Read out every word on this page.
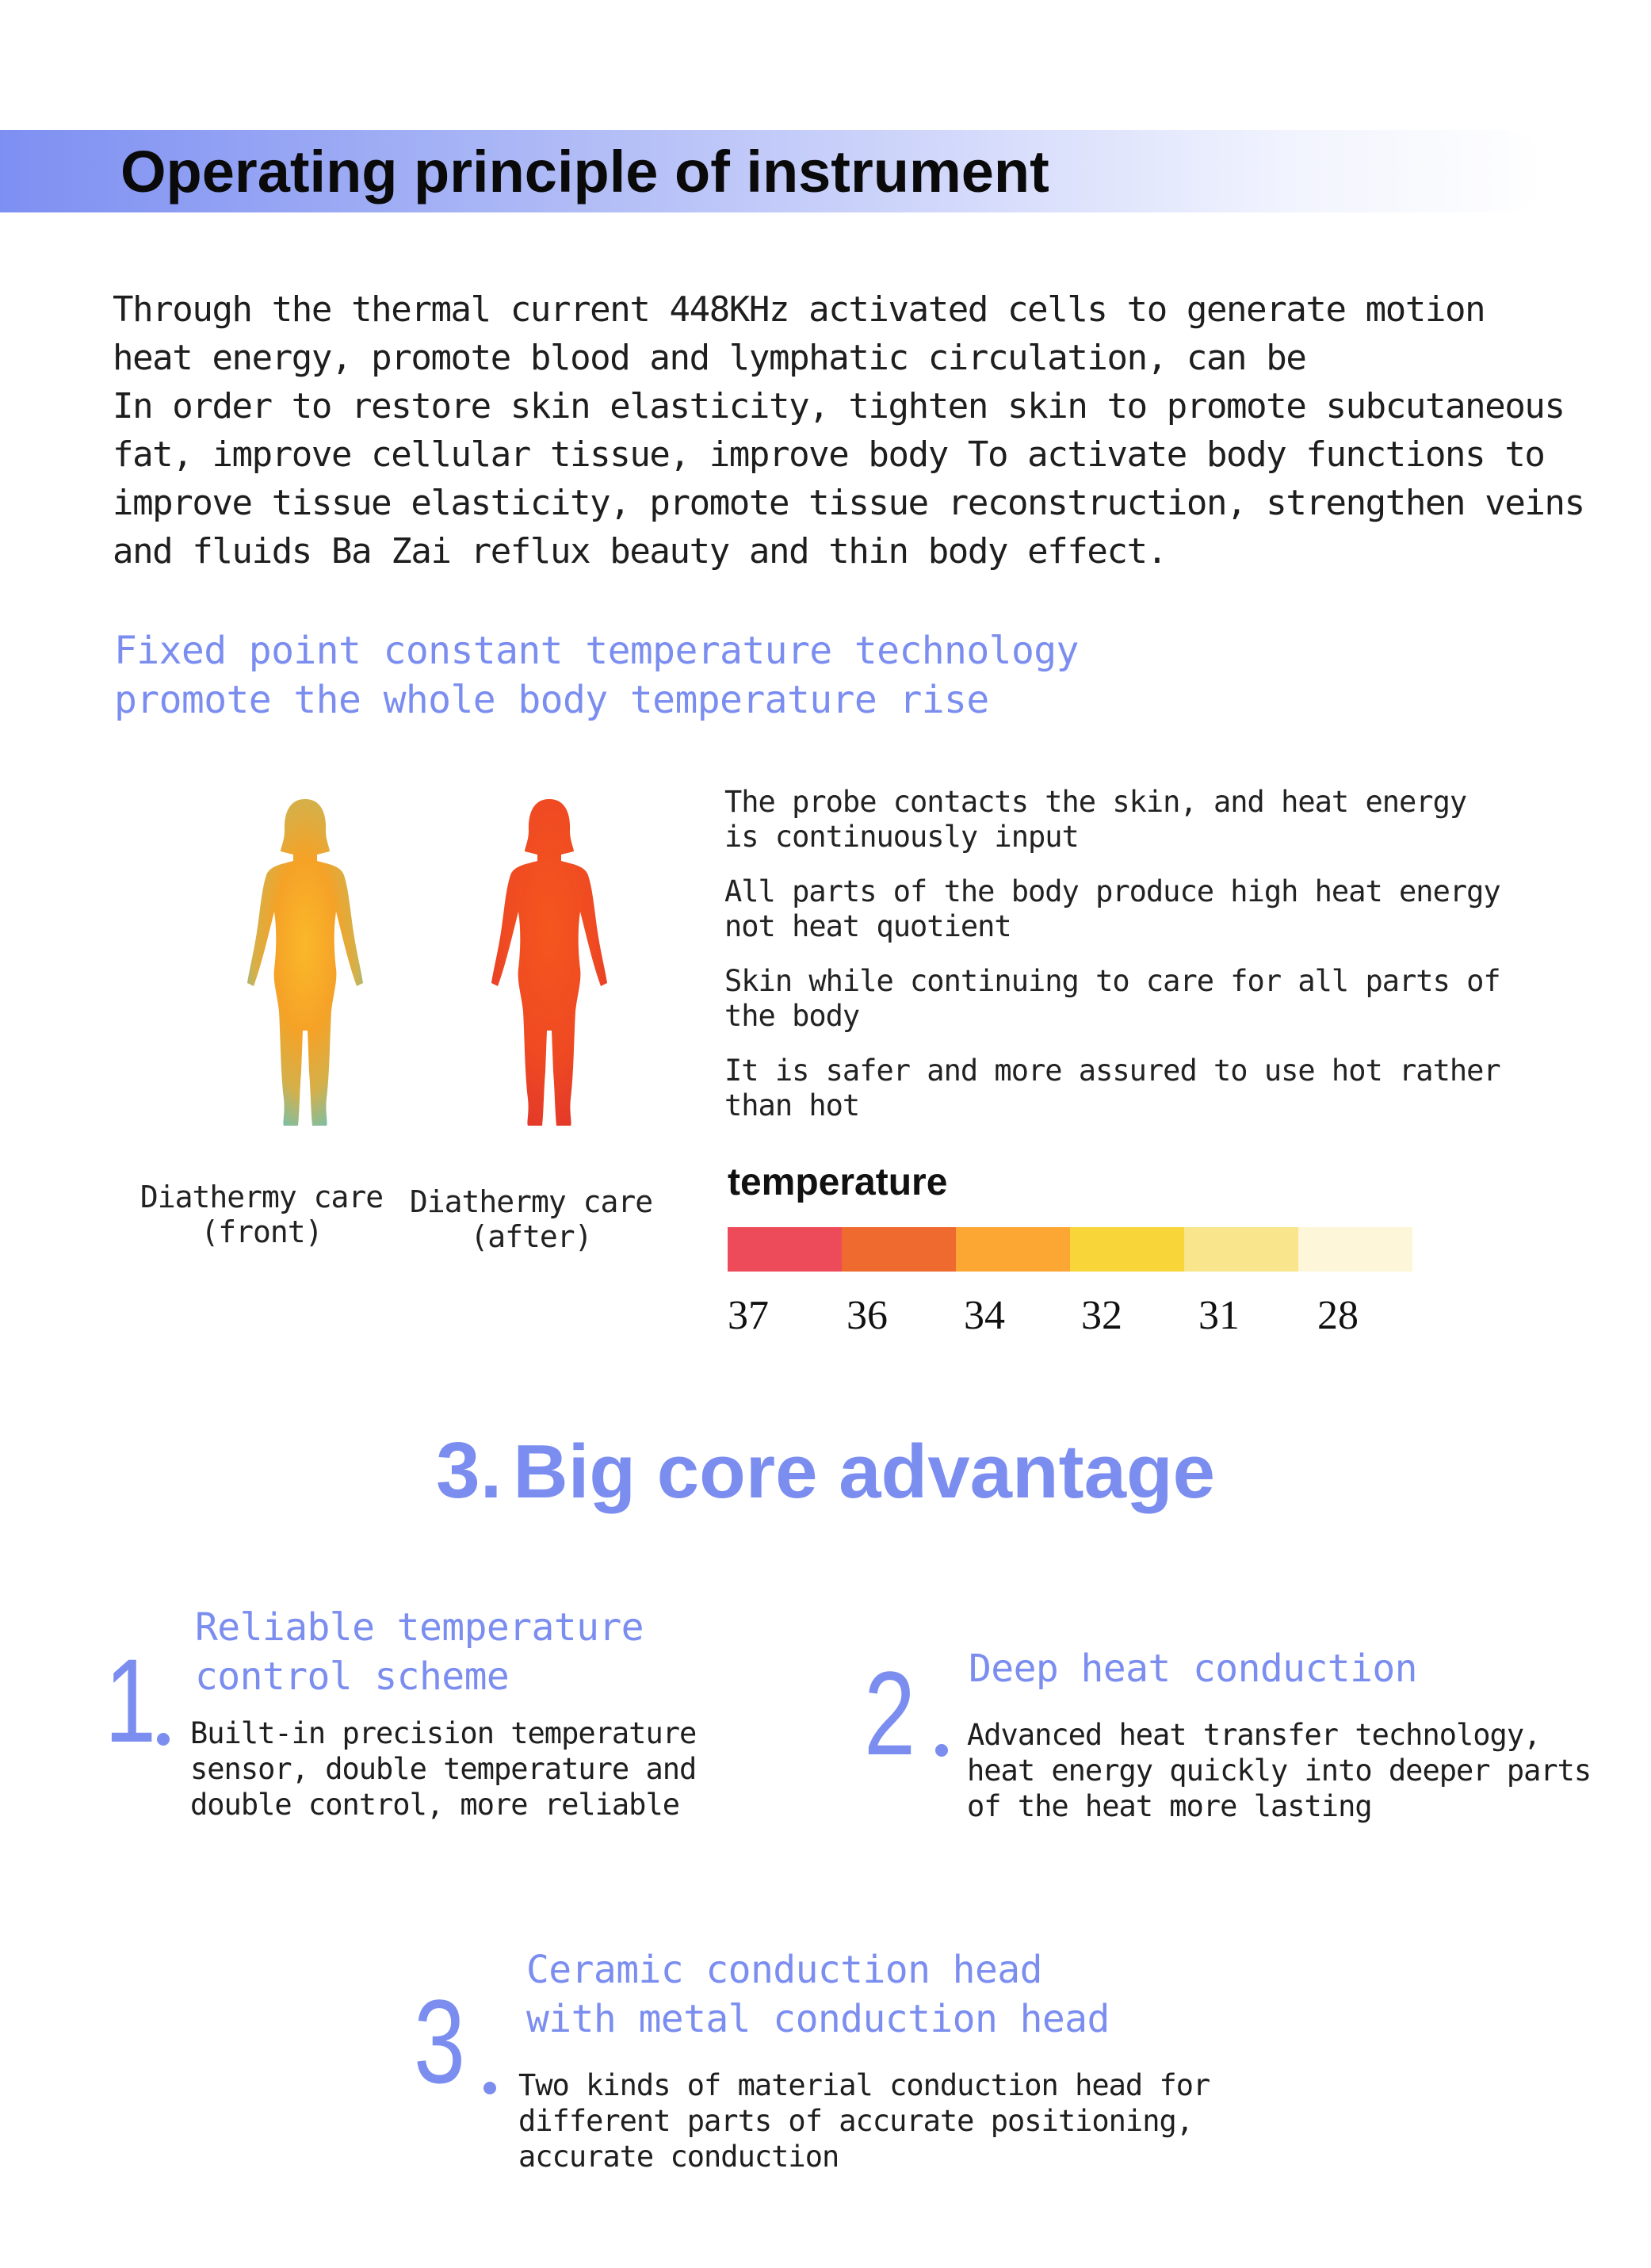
Operating principle of instrument
Through the thermal current 448KHz activated cells to generate motion
heat energy, promote blood and lymphatic circulation, can be
In order to restore skin elasticity, tighten skin to promote subcutaneous
fat, improve cellular tissue, improve body To activate body functions to
improve tissue elasticity, promote tissue reconstruction, strengthen veins
and fluids Ba Zai reflux beauty and thin body effect.
Fixed point constant temperature technology
promote the whole body temperature rise
Diathermy care
(front)
Diathermy care
(after)
The probe contacts the skin, and heat energy
is continuously input
All parts of the body produce high heat energy
not heat quotient
Skin while continuing to care for all parts of
the body
It is safer and more assured to use hot rather
than hot
temperature
37 36 34 32 31 28
3. Big core advantage
1
Reliable temperature
control scheme
Built-in precision temperature
sensor, double temperature and
double control, more reliable
2 Deep heat conduction
Advanced heat transfer technology,
heat energy quickly into deeper parts
of the heat more lasting
3
Ceramic conduction head
with metal conduction head
Two kinds of material conduction head for
different parts of accurate positioning,
accurate conduction
